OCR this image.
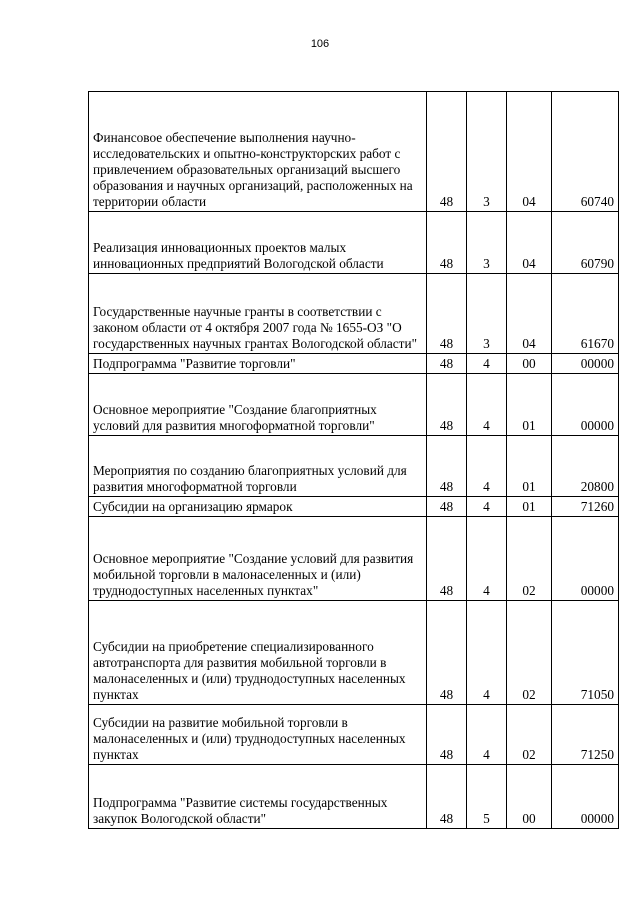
106
Финансовое обеспечение выполнения научно-исследовательских и опытно-конструкторских работ с привлечением образовательных организаций высшего образования и научных организаций, расположенных на территории области	48	3	04	60740
Реализация инновационных проектов малых инновационных предприятий Вологодской области	48	3	04	60790
Государственные научные гранты в соответствии с законом области от 4 октября 2007 года № 1655-ОЗ "О государственных научных грантах Вологодской области"	48	3	04	61670
Подпрограмма "Развитие торговли"	48	4	00	00000
Основное мероприятие "Создание благоприятных условий для развития многоформатной торговли"	48	4	01	00000
Мероприятия по созданию благоприятных условий для развития многоформатной торговли	48	4	01	20800
Субсидии на организацию ярмарок	48	4	01	71260
Основное мероприятие "Создание условий для развития мобильной торговли в малонаселенных и (или) труднодоступных населенных пунктах"	48	4	02	00000
Субсидии на приобретение специализированного автотранспорта для развития мобильной торговли в малонаселенных и (или) труднодоступных населенных пунктах	48	4	02	71050
Субсидии на развитие мобильной торговли в малонаселенных и (или) труднодоступных населенных пунктах	48	4	02	71250
Подпрограмма "Развитие системы государственных закупок Вологодской области"	48	5	00	00000
